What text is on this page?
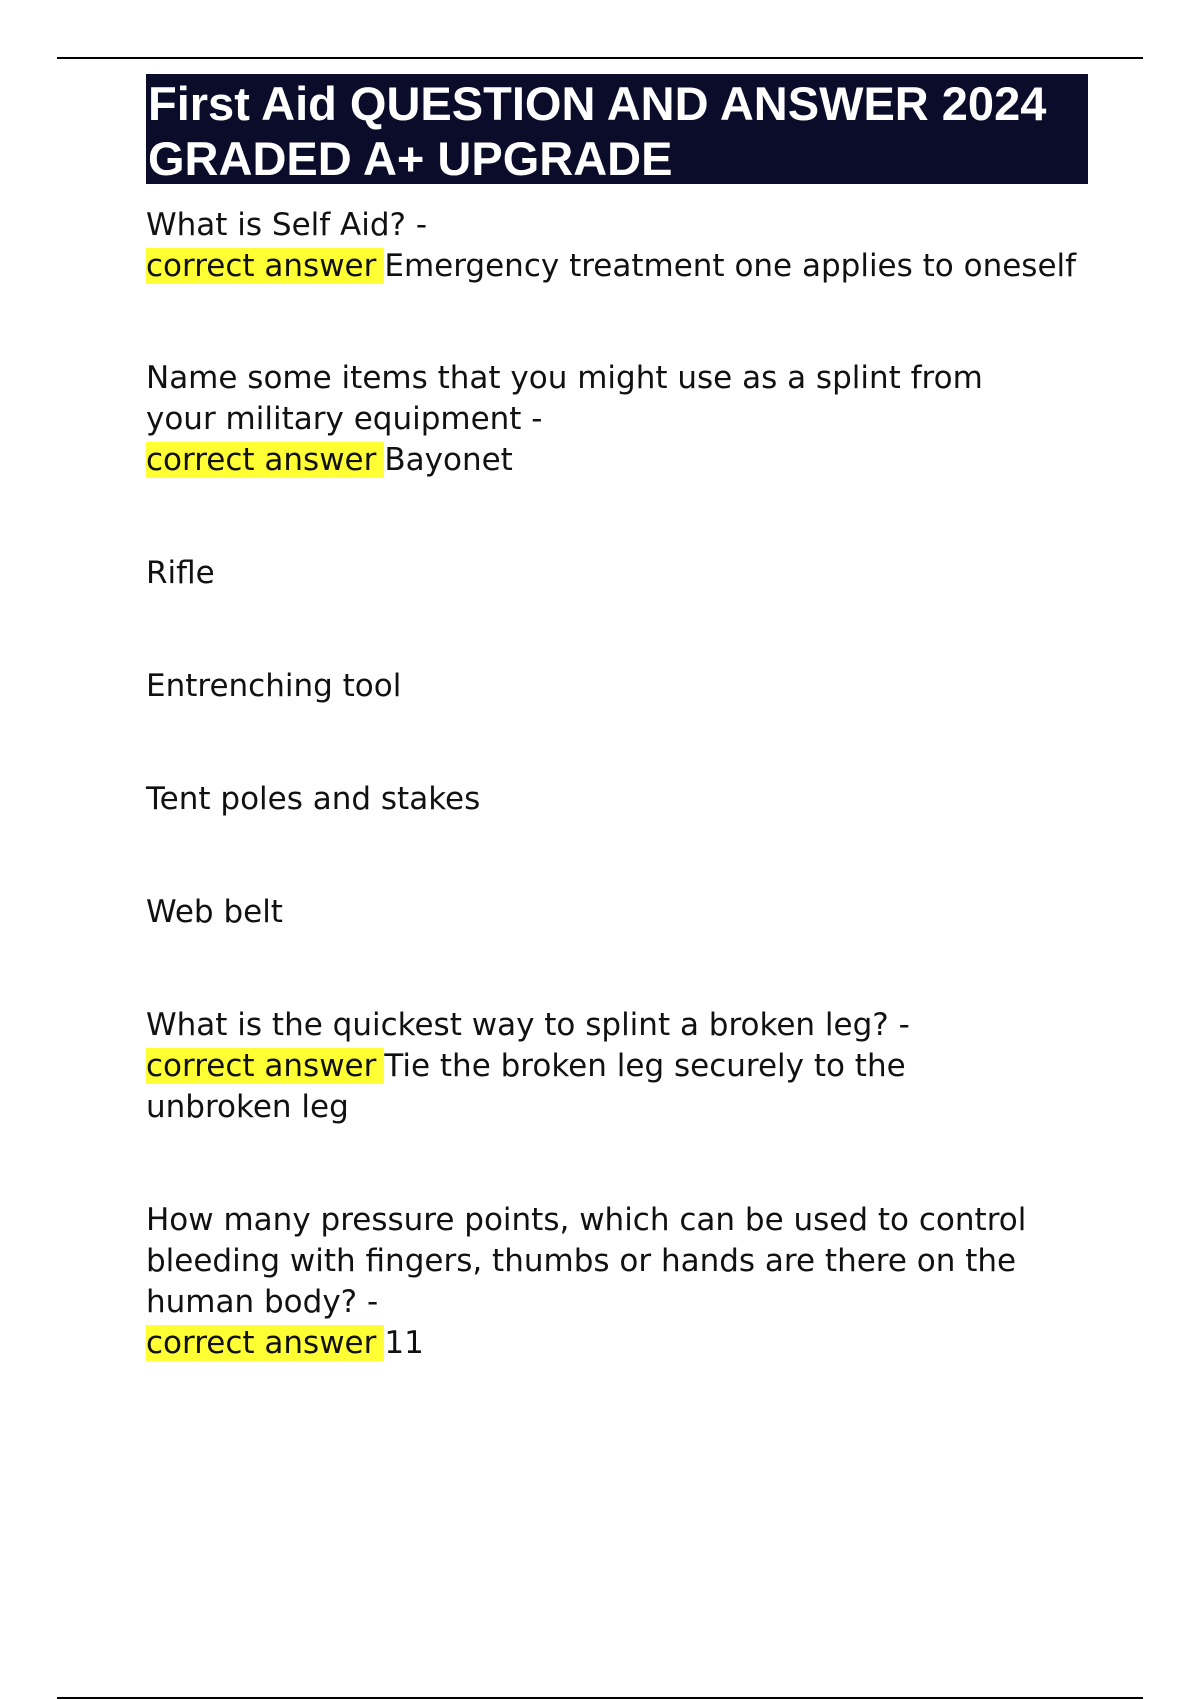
First Aid QUESTION AND ANSWER 2024 GRADED A+ UPGRADE

What is Self Aid? -

correct answer Emergency treatment one applies to oneself

Name some items that you might use as a splint from your military equipment -

correct answer Bayonet

Rifle

Entrenching tool

Tent poles and stakes

Web belt

What is the quickest way to splint a broken leg? -

correct answer Tie the broken leg securely to the unbroken leg

How many pressure points, which can be used to control bleeding with fingers, thumbs or hands are there on the human body? -

correct answer 11
